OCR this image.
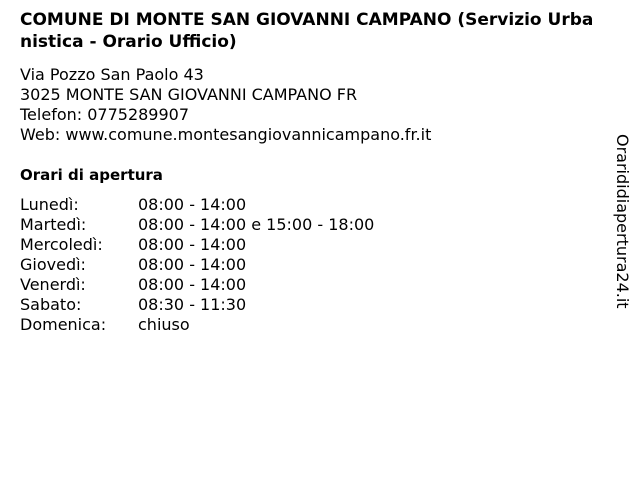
COMUNE DI MONTE SAN GIOVANNI CAMPANO (Servizio Urbanistica - Orario Ufficio)
Via Pozzo San Paolo 43
3025 MONTE SAN GIOVANNI CAMPANO FR
Telefon: 0775289907
Web: www.comune.montesangiovannicampano.fr.it
Orari di apertura
Lunedì:	08:00 - 14:00
Martedì:	08:00 - 14:00 e 15:00 - 18:00
Mercoledì:	08:00 - 14:00
Giovedì:	08:00 - 14:00
Venerdì:	08:00 - 14:00
Sabato:	08:30 - 11:30
Domenica:	chiuso
Orarididiapertura24.it
